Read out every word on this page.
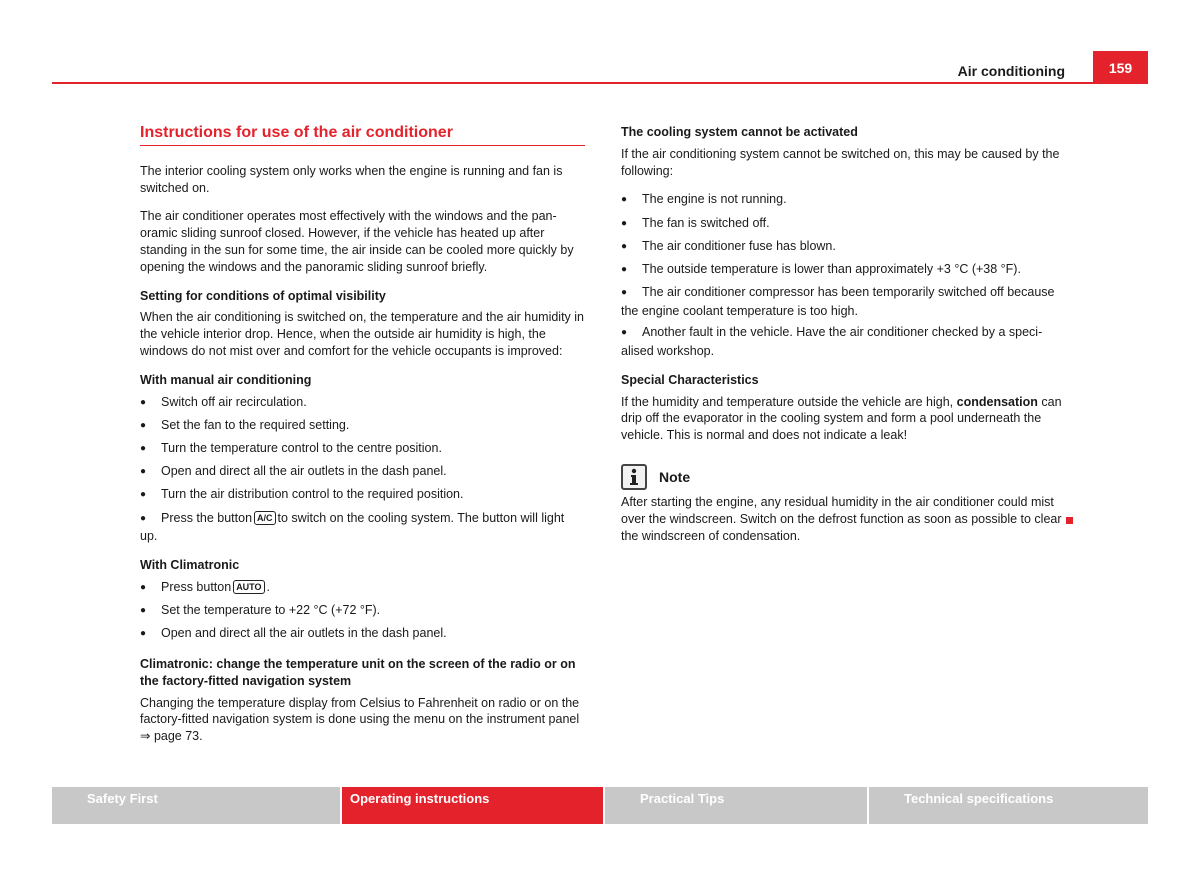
Air conditioning	159
Instructions for use of the air conditioner

The interior cooling system only works when the engine is running and fan is switched on.

The air conditioner operates most effectively with the windows and the panoramic sliding sunroof closed. However, if the vehicle has heated up after standing in the sun for some time, the air inside can be cooled more quickly by opening the windows and the panoramic sliding sunroof briefly.

Setting for conditions of optimal visibility

When the air conditioning is switched on, the temperature and the air humidity in the vehicle interior drop. Hence, when the outside air humidity is high, the windows do not mist over and comfort for the vehicle occupants is improved:

With manual air conditioning
●Switch off air recirculation.
●Set the fan to the required setting.
●Turn the temperature control to the centre position.
●Open and direct all the air outlets in the dash panel.
●Turn the air distribution control to the required position.
●Press the button A/C to switch on the cooling system. The button will light up.
With Climatronic
●Press button AUTO .
●Set the temperature to +22 °C (+72 °F).
●Open and direct all the air outlets in the dash panel.
Climatronic: change the temperature unit on the screen of the radio or on the factory-fitted navigation system

Changing the temperature display from Celsius to Fahrenheit on radio or on the factory-fitted navigation system is done using the menu on the instrument panel ⇒ page 73.

The cooling system cannot be activated

If the air conditioning system cannot be switched on, this may be caused by the following:

●The engine is not running.
●The fan is switched off.
●The air conditioner fuse has blown.
●The outside temperature is lower than approximately +3 °C (+38 °F).
●The air conditioner compressor has been temporarily switched off because the engine coolant temperature is too high.
●Another fault in the vehicle. Have the air conditioner checked by a specialised workshop.
Special Characteristics

If the humidity and temperature outside the vehicle are high, condensation can drip off the evaporator in the cooling system and form a pool underneath the vehicle. This is normal and does not indicate a leak!

Note

After starting the engine, any residual humidity in the air conditioner could mist over the windscreen. Switch on the defrost function as soon as possible to clear the windscreen of condensation.

Safety First	Operating instructions	Practical Tips	Technical specifications
